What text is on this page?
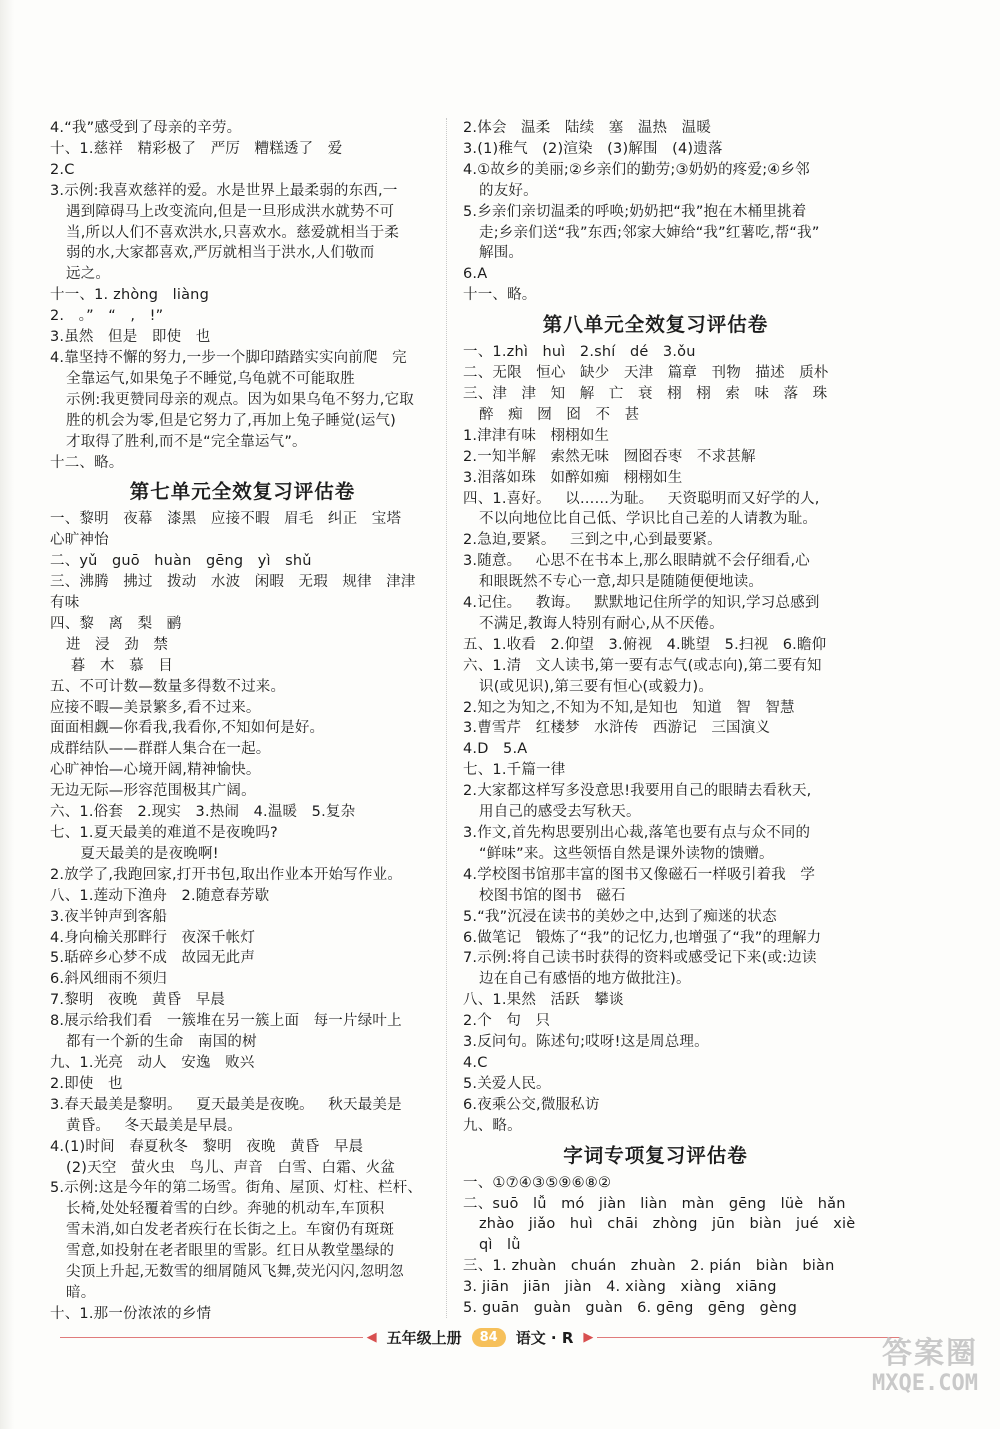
4.“我”感受到了母亲的辛劳。
十、1.慈祥   精彩极了   严厉   糟糕透了   爱
2.C
3.示例:我喜欢慈祥的爱。水是世界上最柔弱的东西,一
遇到障碍马上改变流向,但是一旦形成洪水就势不可
当,所以人们不喜欢洪水,只喜欢水。慈爱就相当于柔
弱的水,大家都喜欢,严厉就相当于洪水,人们敬而
远之。
十一、1. zhòng   liàng
2.   。”   “   ,   !”
3.虽然   但是   即使   也
4.靠坚持不懈的努力,一步一个脚印踏踏实实向前爬   完
全靠运气,如果兔子不睡觉,乌龟就不可能取胜
示例:我更赞同母亲的观点。因为如果乌龟不努力,它取
胜的机会为零,但是它努力了,再加上兔子睡觉(运气)
才取得了胜利,而不是“完全靠运气”。
十二、略。
第七单元全效复习评估卷
一、黎明   夜幕   漆黑   应接不暇   眉毛   纠正   宝塔
心旷神怡
二、yǔ   guō   huàn   gēng   yì   shǔ
三、沸腾   拂过   拨动   水波   闲暇   无瑕   规律   津津
有味
四、黎   离   梨   鹂
进   浸   劲   禁
暮   木   慕   目
五、不可计数—数量多得数不过来。
应接不暇—美景繁多,看不过来。
面面相觑—你看我,我看你,不知如何是好。
成群结队——群群人集合在一起。
心旷神怡—心境开阔,精神愉快。
无边无际—形容范围极其广阔。
六、1.俗套   2.现实   3.热闹   4.温暖   5.复杂
七、1.夏天最美的难道不是夜晚吗?
夏天最美的是夜晚啊!
2.放学了,我跑回家,打开书包,取出作业本开始写作业。
八、1.莲动下渔舟   2.随意春芳歇
3.夜半钟声到客船
4.身向榆关那畔行   夜深千帐灯
5.聒碎乡心梦不成   故园无此声
6.斜风细雨不须归
7.黎明   夜晚   黄昏   早晨
8.展示给我们看   一簇堆在另一簇上面   每一片绿叶上
都有一个新的生命   南国的树
九、1.光亮   动人   安逸   败兴
2.即使   也
3.春天最美是黎明。   夏天最美是夜晚。   秋天最美是
黄昏。   冬天最美是早晨。
4.(1)时间   春夏秋冬   黎明   夜晚   黄昏   早晨
(2)天空   萤火虫   鸟儿、声音   白雪、白霜、火盆
5.示例:这是今年的第二场雪。街角、屋顶、灯柱、栏杆、
长椅,处处轻覆着雪的白纱。奔驰的机动车,车顶积
雪未消,如白发老者疾行在长街之上。车窗仍有斑斑
雪意,如投射在老者眼里的雪影。红日从教堂墨绿的
尖顶上升起,无数雪的细屑随风飞舞,荧光闪闪,忽明忽
暗。
十、1.那一份浓浓的乡情
2.体会   温柔   陆续   塞   温热   温暖
3.(1)稚气   (2)渲染   (3)解围   (4)遗落
4.①故乡的美丽;②乡亲们的勤劳;③奶奶的疼爱;④乡邻
的友好。
5.乡亲们亲切温柔的呼唤;奶奶把“我”抱在木桶里挑着
走;乡亲们送“我”东西;邻家大婶给“我”红薯吃,帮“我”
解围。
6.A
十一、略。
第八单元全效复习评估卷
一、1.zhì   huì   2.shí   dé   3.ǒu
二、无限   恒心   缺少   天津   篇章   刊物   描述   质朴
三、津   津   知   解   亡   衰   栩   栩   索   味   落   珠
醉   痴   囫   囵   不   甚
1.津津有味   栩栩如生
2.一知半解   索然无味   囫囵吞枣   不求甚解
3.泪落如珠   如醉如痴   栩栩如生
四、1.喜好。   以……为耻。   天资聪明而又好学的人,
不以向地位比自己低、学识比自己差的人请教为耻。
2.急迫,要紧。   三到之中,心到最要紧。
3.随意。   心思不在书本上,那么眼睛就不会仔细看,心
和眼既然不专心一意,却只是随随便便地读。
4.记住。   教诲。   默默地记住所学的知识,学习总感到
不满足,教诲人特别有耐心,从不厌倦。
五、1.收看   2.仰望   3.俯视   4.眺望   5.扫视   6.瞻仰
六、1.清   文人读书,第一要有志气(或志向),第二要有知
识(或见识),第三要有恒心(或毅力)。
2.知之为知之,不知为不知,是知也   知道   智   智慧
3.曹雪芹   红楼梦   水浒传   西游记   三国演义
4.D   5.A
七、1.千篇一律
2.大家都这样写多没意思!我要用自己的眼睛去看秋天,
用自己的感受去写秋天。
3.作文,首先构思要别出心裁,落笔也要有点与众不同的
“鲜味”来。这些领悟自然是课外读物的馈赠。
4.学校图书馆那丰富的图书又像磁石一样吸引着我   学
校图书馆的图书   磁石
5.“我”沉浸在读书的美妙之中,达到了痴迷的状态
6.做笔记   锻炼了“我”的记忆力,也增强了“我”的理解力
7.示例:将自己读书时获得的资料或感受记下来(或:边读
边在自己有感悟的地方做批注)。
八、1.果然   活跃   攀谈
2.个   句   只
3.反问句。陈述句;哎呀!这是周总理。
4.C
5.关爱人民。
6.夜乘公交,微服私访
九、略。
字词专项复习评估卷
一、①⑦④③⑤⑨⑥⑧②
二、suō   lǚ   mó   jiàn   liàn   màn   gēng   lüè   hǎn
zhào   jiǎo   huì   chāi   zhòng   jūn   biàn   jué   xiè
qì   lǜ
三、1. zhuàn   chuán   zhuàn   2. pián   biàn   biàn
3. jiān   jiān   jiàn   4. xiàng   xiàng   xiāng
5. guān   guàn   guàn   6. gēng   gēng   gèng
◀ 五年级上册	84	语文 · R ▶	答案圈
MXQE.COM
